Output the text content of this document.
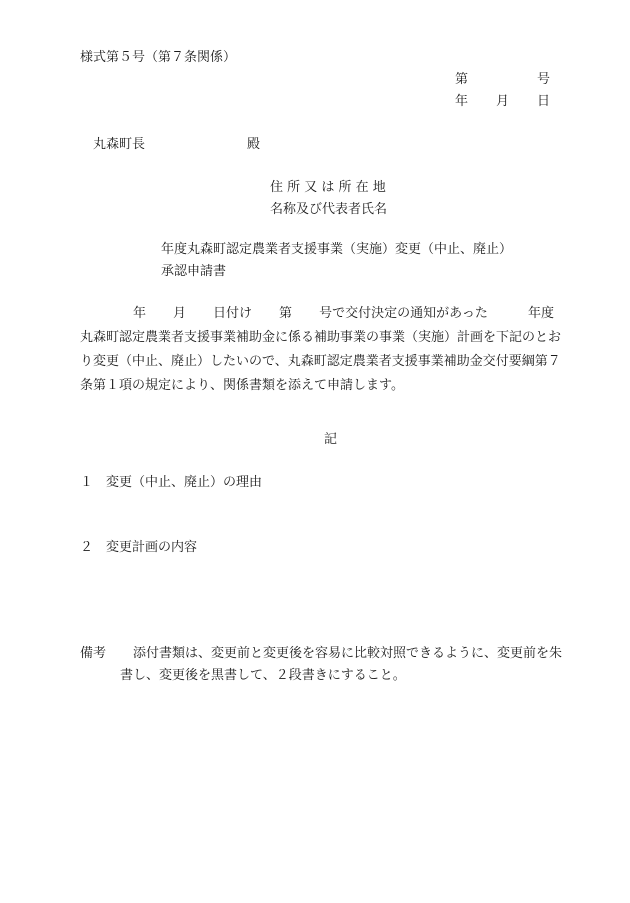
様式第５号（第７条関係）

第	号

年 月 日

丸森町長	殿

住 所 又 は 所 在 地

名称及び代表者氏名

年度丸森町認定農業者支援事業（実施）変更（中止、廃止）

承認申請書

年 月 日付け 第 号で交付決定の通知があった	年度
丸森町認定農業者支援事業補助金に係る補助事業の事業（実施）計画を下記のとお
り変更（中止、廃止）したいので、丸森町認定農業者支援事業補助金交付要綱第７
条第１項の規定により、関係書類を添えて申請します。

記

１ 変更（中止、廃止）の理由

２ 変更計画の内容

備考 添付書類は、変更前と変更後を容易に比較対照できるように、変更前を朱

書し、変更後を黒書して、２段書きにすること。
